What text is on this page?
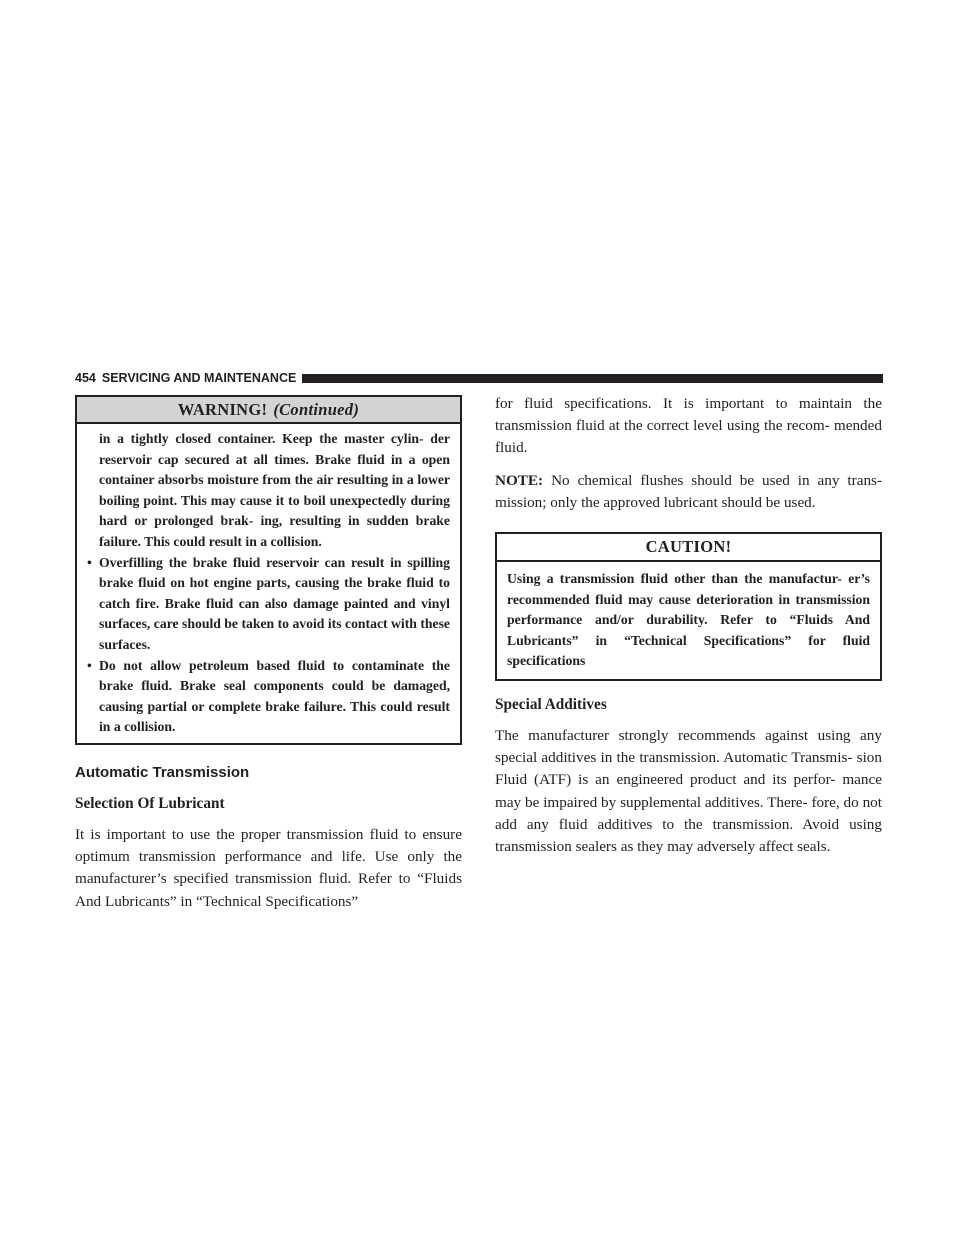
454 SERVICING AND MAINTENANCE
WARNING! (Continued)

in a tightly closed container. Keep the master cylin- der reservoir cap secured at all times. Brake fluid in a open container absorbs moisture from the air resulting in a lower boiling point. This may cause it to boil unexpectedly during hard or prolonged brak- ing, resulting in sudden brake failure. This could result in a collision.

• Overfilling the brake fluid reservoir can result in spilling brake fluid on hot engine parts, causing the brake fluid to catch fire. Brake fluid can also damage painted and vinyl surfaces, care should be taken to avoid its contact with these surfaces.
• Do not allow petroleum based fluid to contaminate the brake fluid. Brake seal components could be damaged, causing partial or complete brake failure. This could result in a collision.
Automatic Transmission
Selection Of Lubricant

It is important to use the proper transmission fluid to ensure optimum transmission performance and life. Use only the manufacturer’s specified transmission fluid. Refer to “Fluids And Lubricants” in “Technical Specifications”

for fluid specifications. It is important to maintain the transmission fluid at the correct level using the recom- mended fluid.

NOTE: No chemical flushes should be used in any trans- mission; only the approved lubricant should be used.

CAUTION!
Using a transmission fluid other than the manufactur- er’s recommended fluid may cause deterioration in transmission performance and/or durability. Refer to “Fluids And Lubricants” in “Technical Specifications” for fluid specifications
Special Additives

The manufacturer strongly recommends against using any special additives in the transmission. Automatic Transmis- sion Fluid (ATF) is an engineered product and its perfor- mance may be impaired by supplemental additives. There- fore, do not add any fluid additives to the transmission. Avoid using transmission sealers as they may adversely affect seals.
